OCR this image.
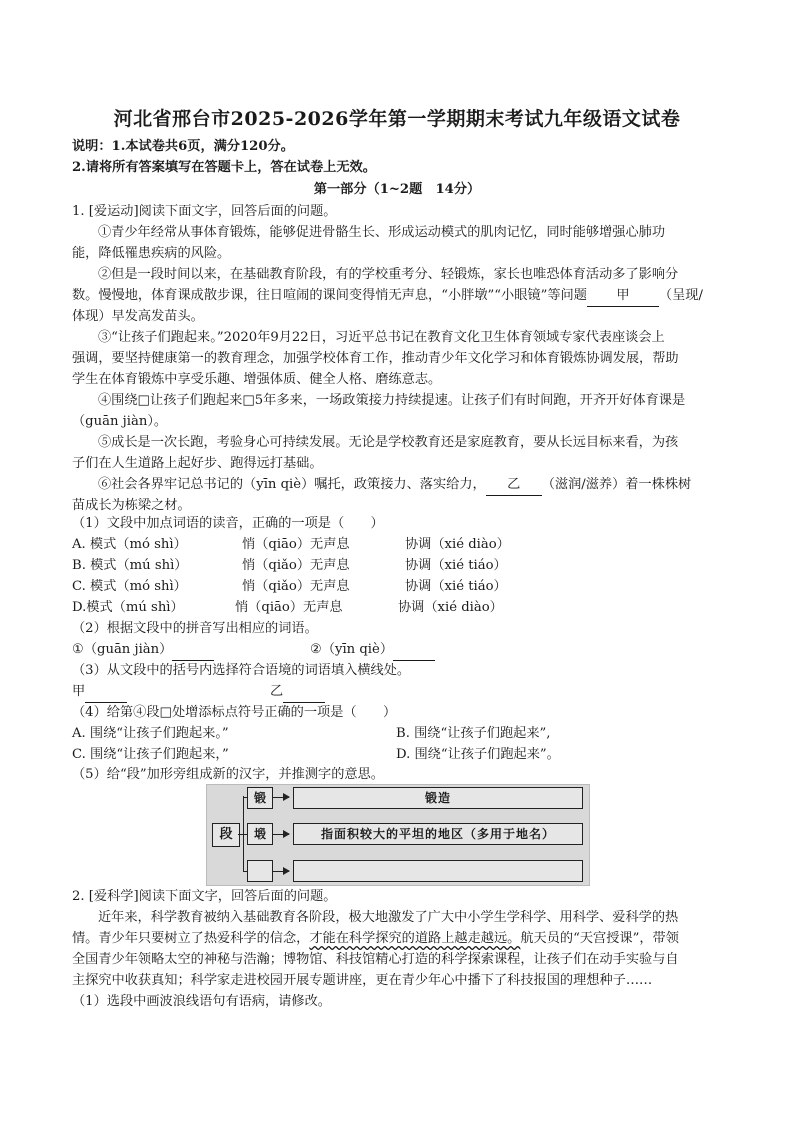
河北省邢台市2025-2026学年第一学期期末考试九年级语文试卷
说明：1.本试卷共6页，满分120分。
2.请将所有答案填写在答题卡上，答在试卷上无效。
第一部分（1~2题　14分）
1. [爱运动]阅读下面文字，回答后面的问题。
①青少年经常从事体育锻炼，能够促进骨骼生长、形成运动模式的肌肉记忆，同时能够增强心肺功
能，降低罹患疾病的风险。
②但是一段时间以来，在基础教育阶段，有的学校重考分、轻锻炼，家长也唯恐体育活动多了影响分
数。慢慢地，体育课成散步课，往日喧闹的课间变得悄无声息，“小胖墩”“小眼镜”等问题 甲 （呈现/
体现）早发高发苗头。
③“让孩子们跑起来。”2020年9月22日，习近平总书记在教育文化卫生体育领域专家代表座谈会上
强调，要坚持健康第一的教育理念，加强学校体育工作，推动青少年文化学习和体育锻炼协调发展，帮助
学生在体育锻炼中享受乐趣、增强体质、健全人格、磨练意志。
④围绕□让孩子们跑起来□5年多来，一场政策接力持续提速。让孩子们有时间跑，开齐开好体育课是
（guān jiàn）。
⑤成长是一次长跑，考验身心可持续发展。无论是学校教育还是家庭教育，要从长远目标来看，为孩
子们在人生道路上起好步、跑得远打基础。
⑥社会各界牢记总书记的（yīn qiè）嘱托，政策接力、落实给力， 乙 （滋润/滋养）着一株株树
苗成长为栋梁之材。
（1）文段中加点词语的读音，正确的一项是（　　）
A. 模式（mó shì）	悄（qiāo）无声息	协调（xié diào）
B. 模式（mú shì）	悄（qiǎo）无声息	协调（xié tiáo）
C. 模式（mó shì）	悄（qiǎo）无声息	协调（xié tiáo）
D.模式（mú shì）	悄（qiāo）无声息	协调（xié diào）
（2）根据文段中的拼音写出相应的词语。
①（guān jiàn）	②（yīn qiè）
（3）从文段中的括号内选择符合语境的词语填入横线处。
甲	乙
（4）给第④段□处增添标点符号正确的一项是（　　）
A. 围绕“让孩子们跑起来。”	B. 围绕“让孩子们跑起来”,
C. 围绕“让孩子们跑起来，”	D. 围绕“让孩子们跑起来”。
（5）给“段”加形旁组成新的汉字，并推测字的意思。
段
锻	锻造
塅	指面积较大的平坦的地区（多用于地名）
2. [爱科学]阅读下面文字，回答后面的问题。
近年来，科学教育被纳入基础教育各阶段，极大地激发了广大中小学生学科学、用科学、爱科学的热
情。青少年只要树立了热爱科学的信念，才能在科学探究的道路上越走越远。航天员的“天宫授课”，带领
全国青少年领略太空的神秘与浩瀚；博物馆、科技馆精心打造的科学探索课程，让孩子们在动手实验与自
主探究中收获真知；科学家走进校园开展专题讲座，更在青少年心中播下了科技报国的理想种子……
（1）选段中画波浪线语句有语病，请修改。
